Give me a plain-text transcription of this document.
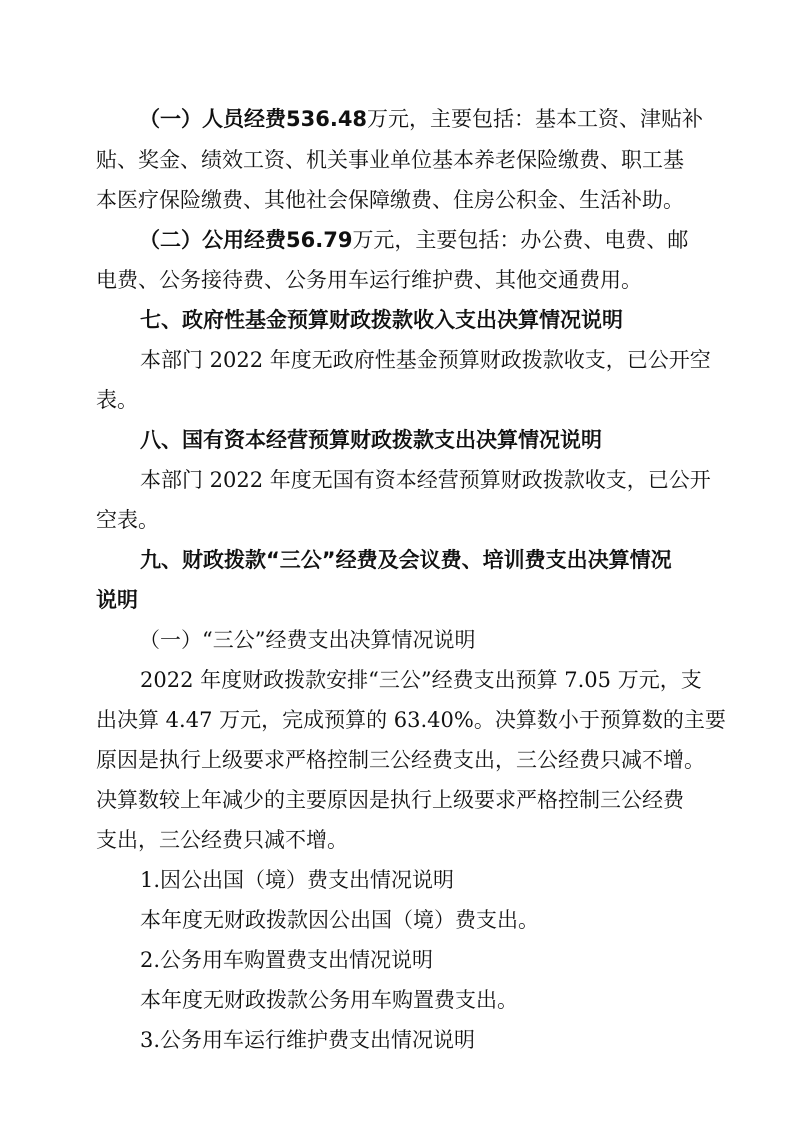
（一）人员经费536.48万元，主要包括：基本工资、津贴补
贴、奖金、绩效工资、机关事业单位基本养老保险缴费、职工基
本医疗保险缴费、其他社会保障缴费、住房公积金、生活补助。
（二）公用经费56.79万元，主要包括：办公费、电费、邮
电费、公务接待费、公务用车运行维护费、其他交通费用。
七、政府性基金预算财政拨款收入支出决算情况说明
本部门 2022 年度无政府性基金预算财政拨款收支，已公开空
表。
八、国有资本经营预算财政拨款支出决算情况说明
本部门 2022 年度无国有资本经营预算财政拨款收支，已公开
空表。
九、财政拨款“三公”经费及会议费、培训费支出决算情况
说明
（一）“三公”经费支出决算情况说明
2022 年度财政拨款安排“三公”经费支出预算 7.05 万元，支
出决算 4.47 万元，完成预算的 63.40%。决算数小于预算数的主要
原因是执行上级要求严格控制三公经费支出，三公经费只减不增。
决算数较上年减少的主要原因是执行上级要求严格控制三公经费
支出，三公经费只减不增。
1.因公出国（境）费支出情况说明
本年度无财政拨款因公出国（境）费支出。
2.公务用车购置费支出情况说明
本年度无财政拨款公务用车购置费支出。
3.公务用车运行维护费支出情况说明
